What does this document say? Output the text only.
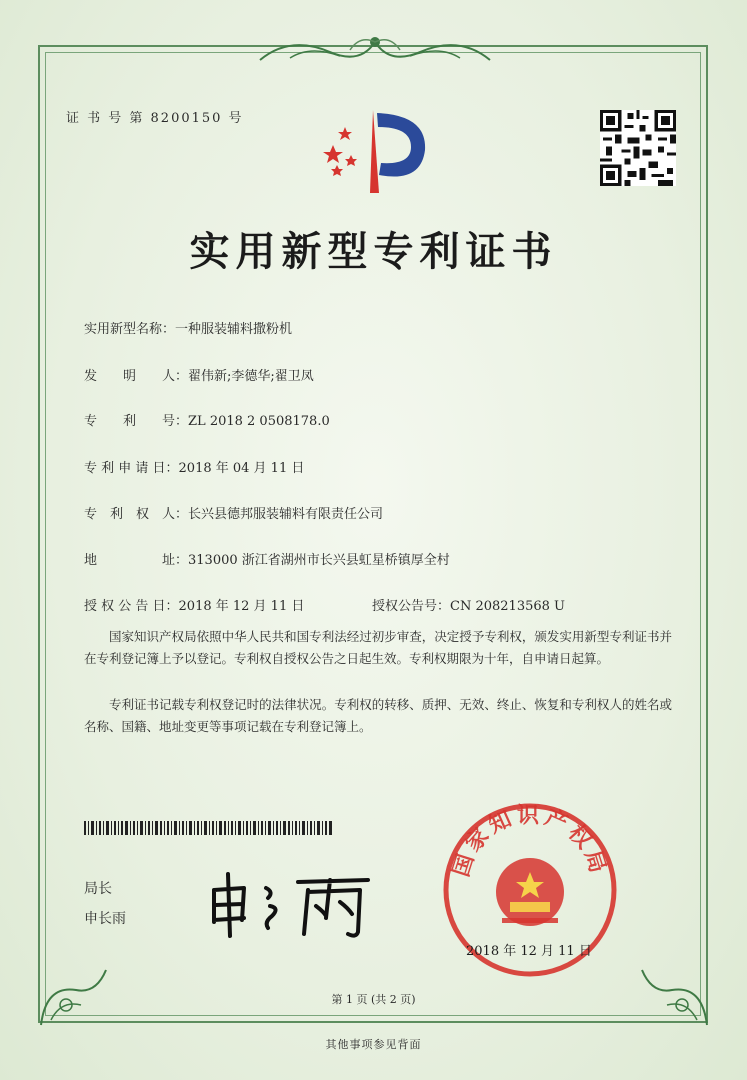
证 书 号 第 8200150 号
实用新型专利证书
实用新型名称：一种服装辅料撒粉机
发　　明　　人：翟伟新;李德华;翟卫凤
专　　利　　号：ZL 2018 2 0508178.0
专 利 申 请 日：2018 年 04 月 11 日
专　利　权　人：长兴县德邦服装辅料有限责任公司
地　　　　　址：313000 浙江省湖州市长兴县虹星桥镇厚全村
授 权 公 告 日：2018 年 12 月 11 日	授权公告号：CN 208213568 U
国家知识产权局依照中华人民共和国专利法经过初步审查，决定授予专利权，颁发实用新型专利证书并在专利登记簿上予以登记。专利权自授权公告之日起生效。专利权期限为十年，自申请日起算。
专利证书记载专利权登记时的法律状况。专利权的转移、质押、无效、终止、恢复和专利权人的姓名或名称、国籍、地址变更等事项记载在专利登记簿上。
局长
申长雨
国家知识产权局
2018 年 12 月 11 日
第 1 页 (共 2 页)
其他事项参见背面
